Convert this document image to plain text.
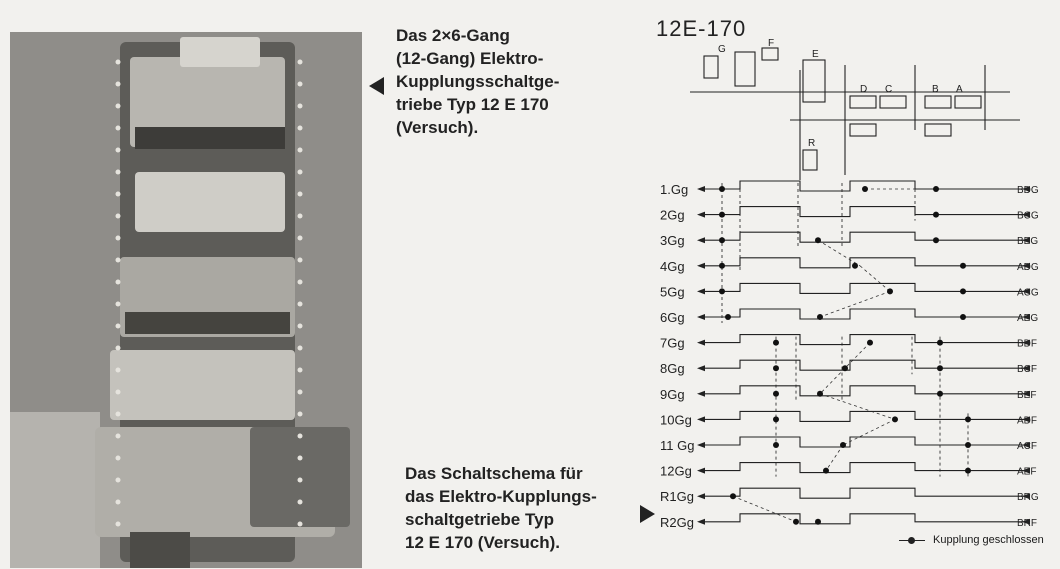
Das 2×6-Gang
(12-Gang) Elektro-
Kupplungsschaltge-
triebe Typ 12 E 170
(Versuch).
Das Schaltschema für
das Elektro-Kupplungs-
schaltgetriebe Typ
12 E 170 (Versuch).
12E-170
G
F
E
D C	B A
R
1.Gg	BDG
2Gg	BCG
3Gg	BEG
4Gg	ADG
5Gg	ACG
6Gg	AEG
7Gg	BDF
8Gg	BCF
9Gg	BEF
10Gg	ADF
11 Gg	ACF
12Gg	AEF
R1Gg	BRG
R2Gg	BRF
Kupplung geschlossen
